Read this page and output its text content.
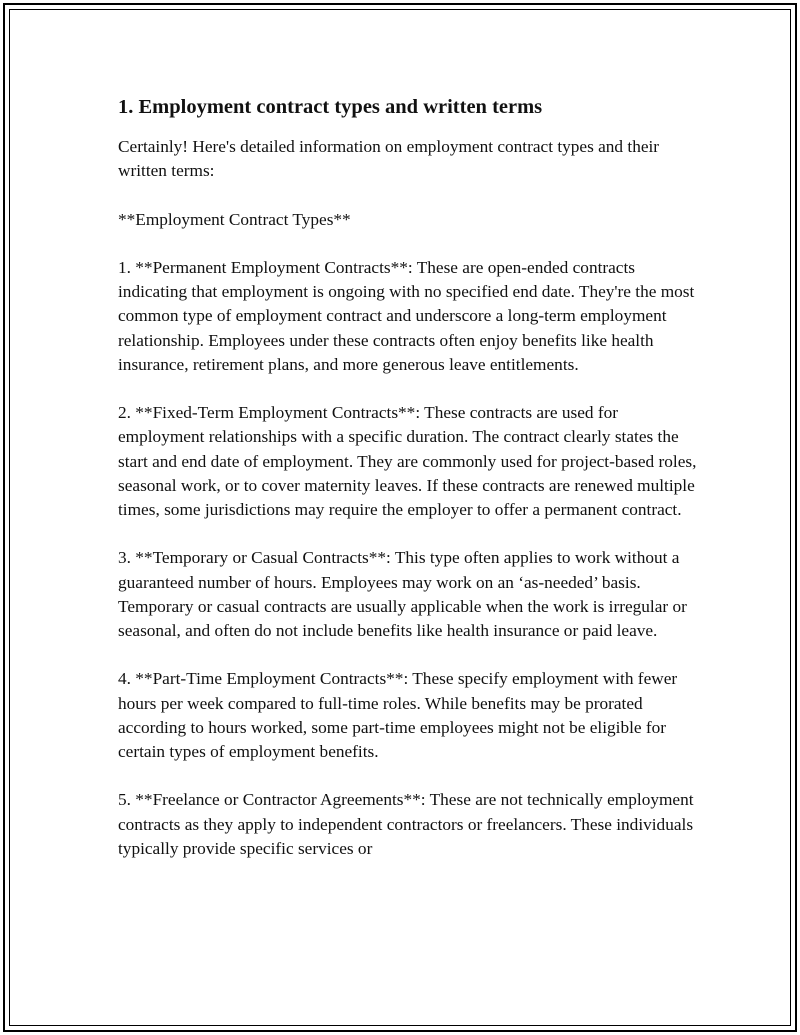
1. Employment contract types and written terms

Certainly! Here's detailed information on employment contract types and their written terms:

**Employment Contract Types**

1. **Permanent Employment Contracts**: These are open-ended contracts indicating that employment is ongoing with no specified end date. They're the most common type of employment contract and underscore a long-term employment relationship. Employees under these contracts often enjoy benefits like health insurance, retirement plans, and more generous leave entitlements.

2. **Fixed-Term Employment Contracts**: These contracts are used for employment relationships with a specific duration. The contract clearly states the start and end date of employment. They are commonly used for project-based roles, seasonal work, or to cover maternity leaves. If these contracts are renewed multiple times, some jurisdictions may require the employer to offer a permanent contract.

3. **Temporary or Casual Contracts**: This type often applies to work without a guaranteed number of hours. Employees may work on an ‘as-needed’ basis. Temporary or casual contracts are usually applicable when the work is irregular or seasonal, and often do not include benefits like health insurance or paid leave.

4. **Part-Time Employment Contracts**: These specify employment with fewer hours per week compared to full-time roles. While benefits may be prorated according to hours worked, some part-time employees might not be eligible for certain types of employment benefits.

5. **Freelance or Contractor Agreements**: These are not technically employment contracts as they apply to independent contractors or freelancers. These individuals typically provide specific services or
